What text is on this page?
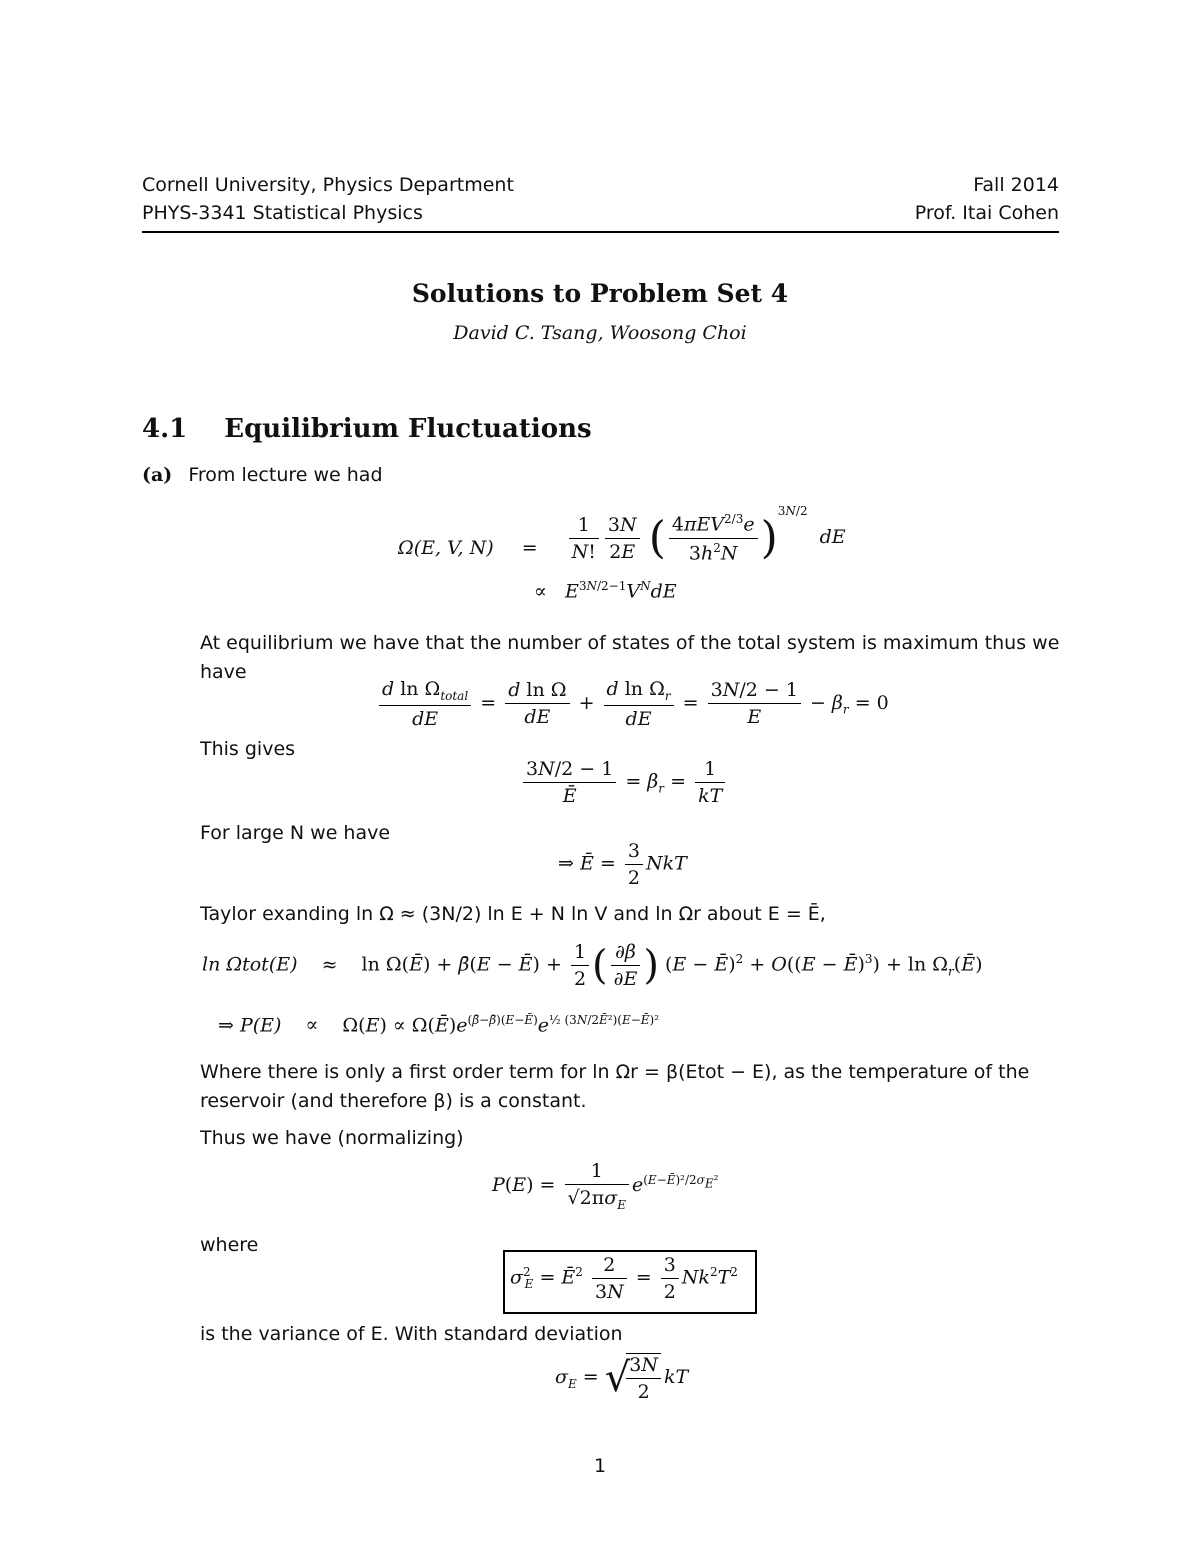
Cornell University, Physics Department
PHYS-3341 Statistical Physics
Fall 2014
Prof. Itai Cohen
Solutions to Problem Set 4
David C. Tsang, Woosong Choi
4.1 Equilibrium Fluctuations
(a) From lecture we had
Ω(E, V, $N) = \frac{1}{N!} \frac{3N}{2E}$ ( $\frac{4\pi EV^{2/3}e}{3h^2N} )^{3N/2}$ dE
∝   $E^{3N/2-1}V^NdE$
At equilibrium we have that the number of states of the total system is maximum thus we have
$\frac{d \ln \Omega_{total}}{dE} = \frac{\text{d ln Ω}}{dE} + \frac{d \ln \Omega_r}{dE} = \frac{3N/2 - 1}{E} - \beta_r = 0$
This gives
$\frac{3N/2 - 1}{Ē} = \beta_r = \frac{1}{kT}$
For large N we have
⇒ Ē = $\frac{3}{2}$ NkT
Taylor exanding ln Ω ≈ (3N/2) ln E + N ln V and ln Ωr about E = Ē,
ln Ωtot(E) ≈ ln Ω(Ē) + β̄(E − Ē) + $\frac{1}{2}$ ( $\frac{\partial\beta}{\partial E}$ ) (E − Ē)$^2$ + O((E − Ē)$^3$) + $\ln \Omega_r(Ē)$
⇒ $P(E) \propto \Omega(E) \propto \Omega(Ē)e^{(\betā-\betā)(E-Ē)}e^{\frac{1}{2} (3N/2Ē^2)(E-Ē)^2}$
Where there is only a first order term for ln Ωr = β(Etot − E), as the temperature of the reservoir (and therefore β) is a constant.
Thus we have (normalizing)
$P(E) = \frac{1}{√2\pi\sigma_E} e^{(E-Ē)^2/2\sigma_E^2}$
where
$\sigma^2_E$ = $Ē^2 \frac{2}{3N} = \frac{3}{2} Nk^2T^2$
is the variance of E. With standard deviation
$\sigma_E$ = √
$\frac{3N}{2}$ kT
1
